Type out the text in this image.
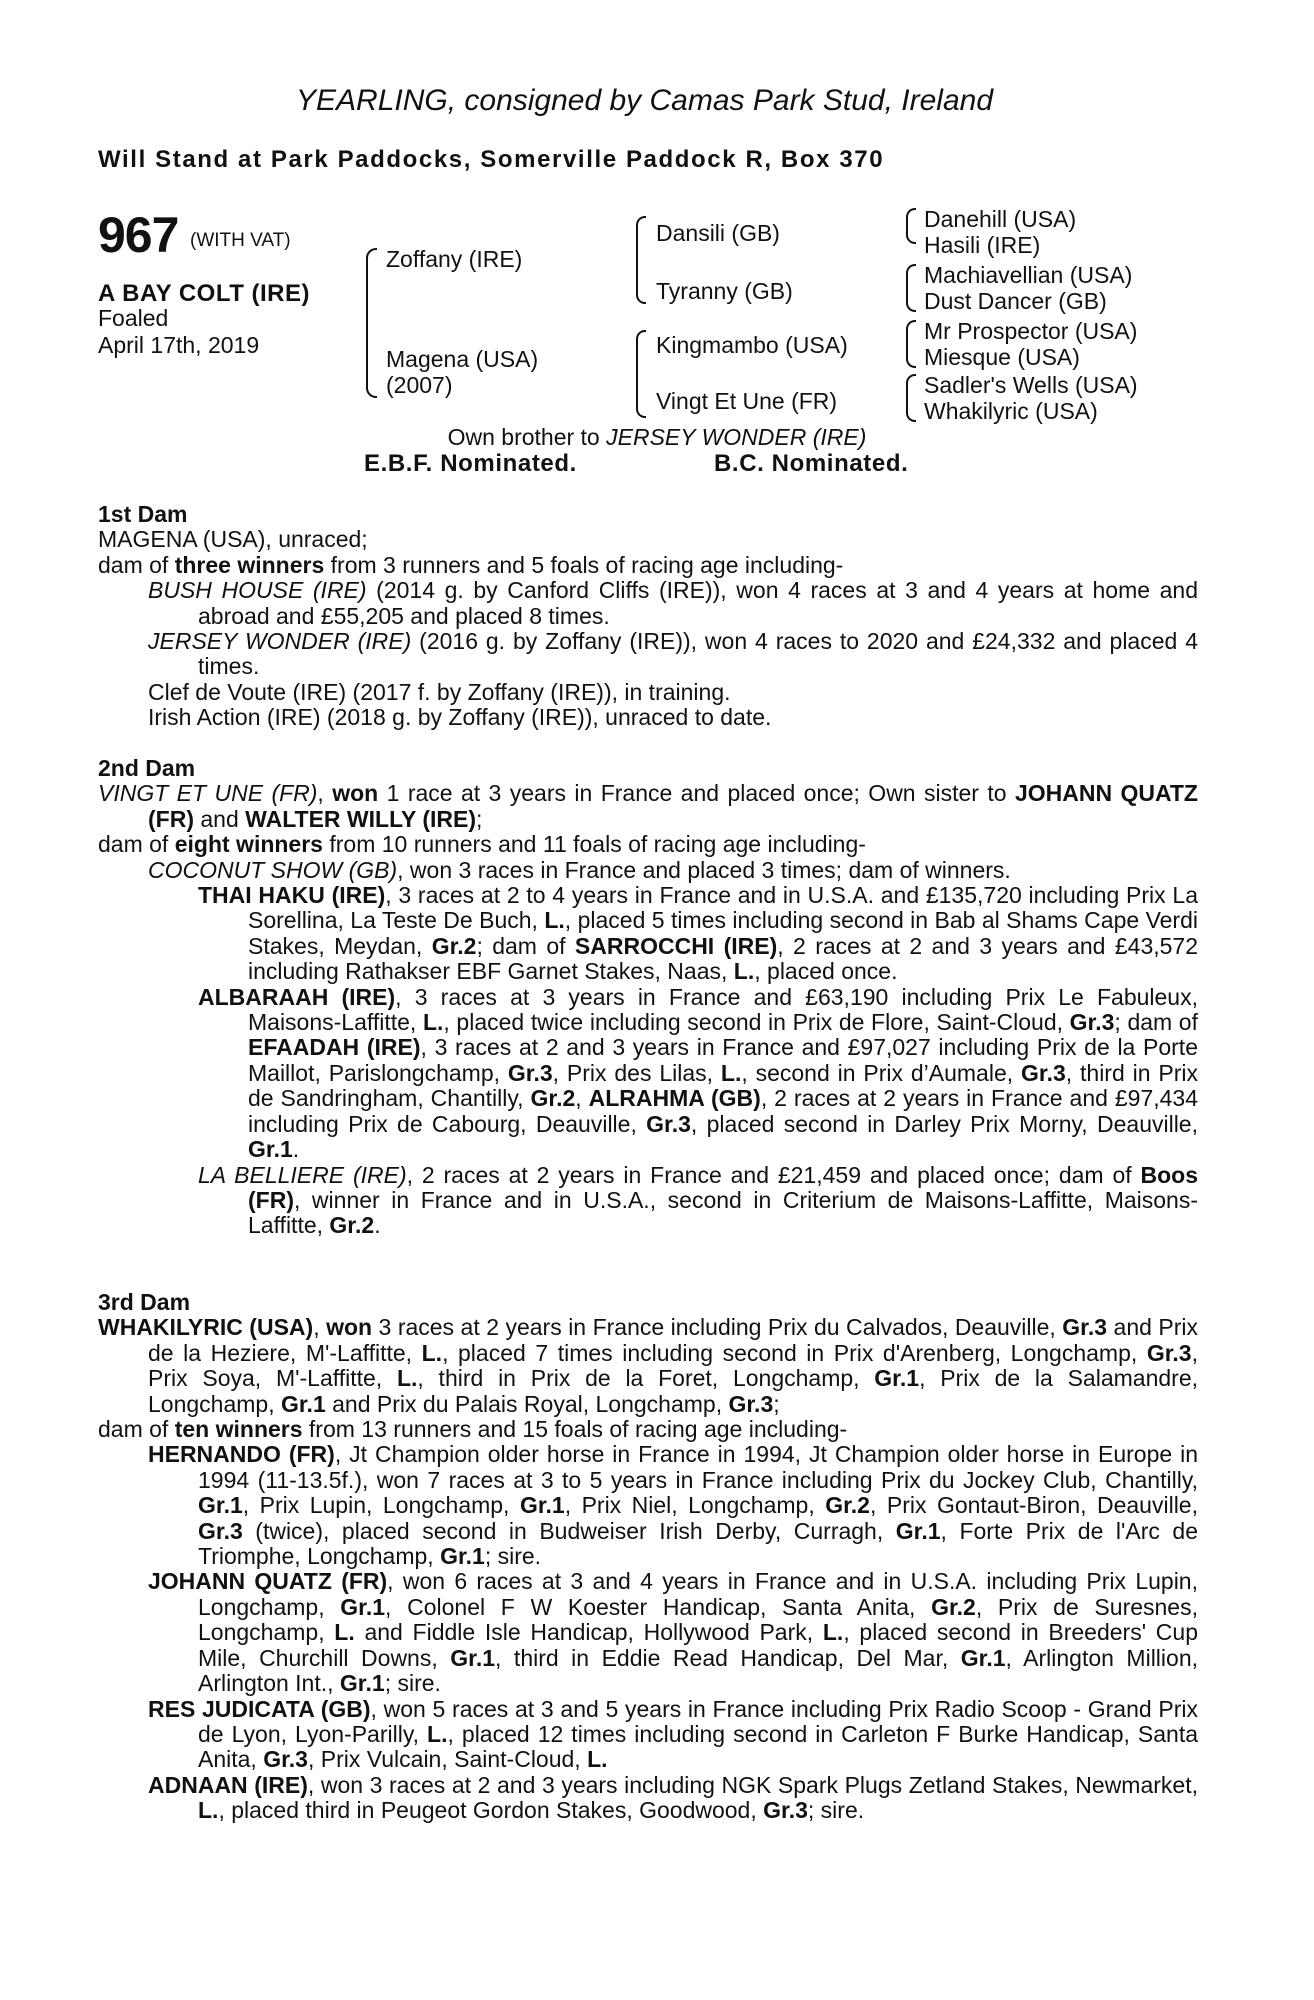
YEARLING, consigned by Camas Park Stud, Ireland
Will Stand at Park Paddocks, Somerville Paddock R, Box 370
967 (WITH VAT)
A BAY COLT (IRE)
Foaled
April 17th, 2019
Zoffany (IRE)
Magena (USA)
(2007)
Dansili (GB)
Tyranny (GB)
Kingmambo (USA)
Vingt Et Une (FR)
Danehill (USA)
Hasili (IRE)
Machiavellian (USA)
Dust Dancer (GB)
Mr Prospector (USA)
Miesque (USA)
Sadler's Wells (USA)
Whakilyric (USA)
Own brother to JERSEY WONDER (IRE)
E.B.F. Nominated.	B.C. Nominated.

1st Dam

MAGENA (USA), unraced;

dam of three winners from 3 runners and 5 foals of racing age including-

BUSH HOUSE (IRE) (2014 g. by Canford Cliffs (IRE)), won 4 races at 3 and 4 years at home and abroad and £55,205 and placed 8 times.

JERSEY WONDER (IRE) (2016 g. by Zoffany (IRE)), won 4 races to 2020 and £24,332 and placed 4 times.

Clef de Voute (IRE) (2017 f. by Zoffany (IRE)), in training.

Irish Action (IRE) (2018 g. by Zoffany (IRE)), unraced to date.

2nd Dam

VINGT ET UNE (FR), won 1 race at 3 years in France and placed once; Own sister to JOHANN QUATZ (FR) and WALTER WILLY (IRE);

dam of eight winners from 10 runners and 11 foals of racing age including-

COCONUT SHOW (GB), won 3 races in France and placed 3 times; dam of winners.

THAI HAKU (IRE), 3 races at 2 to 4 years in France and in U.S.A. and £135,720 including Prix La Sorellina, La Teste De Buch, L., placed 5 times including second in Bab al Shams Cape Verdi Stakes, Meydan, Gr.2; dam of SARROCCHI (IRE), 2 races at 2 and 3 years and £43,572 including Rathakser EBF Garnet Stakes, Naas, L., placed once.

ALBARAAH (IRE), 3 races at 3 years in France and £63,190 including Prix Le Fabuleux, Maisons-Laffitte, L., placed twice including second in Prix de Flore, Saint-Cloud, Gr.3; dam of EFAADAH (IRE), 3 races at 2 and 3 years in France and £97,027 including Prix de la Porte Maillot, Parislongchamp, Gr.3, Prix des Lilas, L., second in Prix d’Aumale, Gr.3, third in Prix de Sandringham, Chantilly, Gr.2, ALRAHMA (GB), 2 races at 2 years in France and £97,434 including Prix de Cabourg, Deauville, Gr.3, placed second in Darley Prix Morny, Deauville, Gr.1.

LA BELLIERE (IRE), 2 races at 2 years in France and £21,459 and placed once; dam of Boos (FR), winner in France and in U.S.A., second in Criterium de Maisons-Laffitte, Maisons-Laffitte, Gr.2.

3rd Dam

WHAKILYRIC (USA), won 3 races at 2 years in France including Prix du Calvados, Deauville, Gr.3 and Prix de la Heziere, M'-Laffitte, L., placed 7 times including second in Prix d'Arenberg, Longchamp, Gr.3, Prix Soya, M'-Laffitte, L., third in Prix de la Foret, Longchamp, Gr.1, Prix de la Salamandre, Longchamp, Gr.1 and Prix du Palais Royal, Longchamp, Gr.3;

dam of ten winners from 13 runners and 15 foals of racing age including-

HERNANDO (FR), Jt Champion older horse in France in 1994, Jt Champion older horse in Europe in 1994 (11-13.5f.), won 7 races at 3 to 5 years in France including Prix du Jockey Club, Chantilly, Gr.1, Prix Lupin, Longchamp, Gr.1, Prix Niel, Longchamp, Gr.2, Prix Gontaut-Biron, Deauville, Gr.3 (twice), placed second in Budweiser Irish Derby, Curragh, Gr.1, Forte Prix de l'Arc de Triomphe, Longchamp, Gr.1; sire.

JOHANN QUATZ (FR), won 6 races at 3 and 4 years in France and in U.S.A. including Prix Lupin, Longchamp, Gr.1, Colonel F W Koester Handicap, Santa Anita, Gr.2, Prix de Suresnes, Longchamp, L. and Fiddle Isle Handicap, Hollywood Park, L., placed second in Breeders' Cup Mile, Churchill Downs, Gr.1, third in Eddie Read Handicap, Del Mar, Gr.1, Arlington Million, Arlington Int., Gr.1; sire.

RES JUDICATA (GB), won 5 races at 3 and 5 years in France including Prix Radio Scoop - Grand Prix de Lyon, Lyon-Parilly, L., placed 12 times including second in Carleton F Burke Handicap, Santa Anita, Gr.3, Prix Vulcain, Saint-Cloud, L.

ADNAAN (IRE), won 3 races at 2 and 3 years including NGK Spark Plugs Zetland Stakes, Newmarket, L., placed third in Peugeot Gordon Stakes, Goodwood, Gr.3; sire.
